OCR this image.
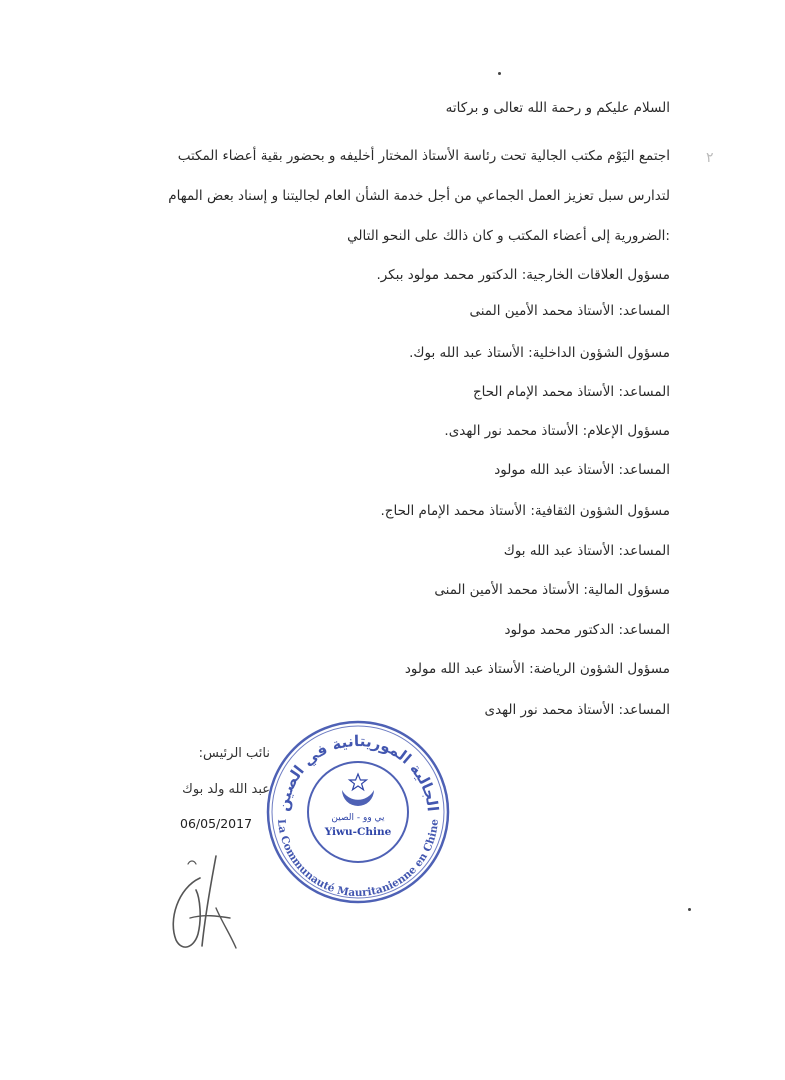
٢
السلام عليكم و رحمة الله تعالى و بركاته
اجتمع اليَوْم مكتب الجالية تحت رئاسة الأستاذ المختار أخليفه و بحضور بقية أعضاء المكتب
لتدارس سبل تعزيز العمل الجماعي من أجل خدمة الشأن العام لجاليتنا و إسناد بعض المهام
:الضرورية إلى أعضاء المكتب و كان ذالك على النحو التالي
مسؤول العلاقات الخارجية: الدكتور محمد مولود ببكر.
المساعد: الأستاذ محمد الأمين المنى
مسؤول الشؤون الداخلية: الأستاذ عبد الله بوك.
المساعد: الأستاذ محمد الإمام الحاج
مسؤول الإعلام: الأستاذ محمد نور الهدى.
المساعد: الأستاذ عبد الله مولود
مسؤول الشؤون الثقافية: الأستاذ محمد الإمام الحاج.
المساعد: الأستاذ عبد الله بوك
مسؤول المالية: الأستاذ محمد الأمين المنى
المساعد: الدكتور محمد مولود
مسؤول الشؤون الرياضة: الأستاذ عبد الله مولود
المساعد: الأستاذ محمد نور الهدى
نائب الرئيس:
عبد الله ولد بوك
06/05/2017
الجالية الموريتانية في الصين
La Communauté Mauritanienne en Chine
يي وو - الصين
Yiwu-Chine
